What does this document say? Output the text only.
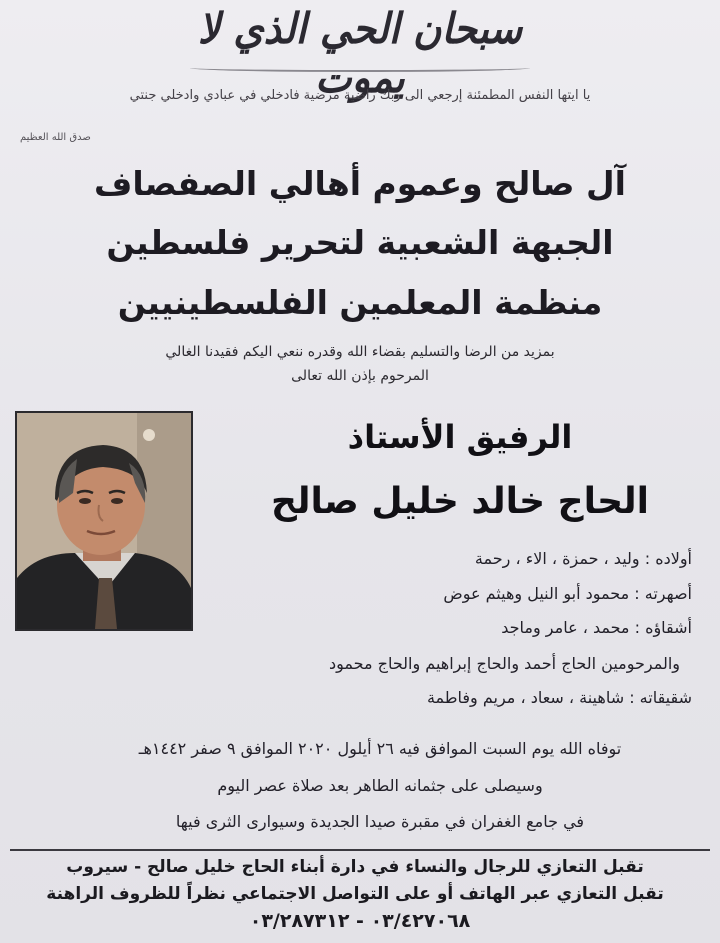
سبحان الحي الذي لا يموت
يا ايتها النفس المطمئنة إرجعي الى ربك راضية مرضية فادخلي في عبادي وادخلي جنتي
صدق الله العظيم
آل صالح وعموم أهالي الصفصاف
الجبهة الشعبية لتحرير فلسطين
منظمة المعلمين الفلسطينيين
بمزيد من الرضا والتسليم بقضاء الله وقدره ننعي اليكم فقيدنا الغالي
المرحوم بإذن الله تعالى
الرفيق الأستاذ
الحاج خالد خليل صالح
أولاده : وليد ، حمزة ، الاء ، رحمة
أصهرته : محمود أبو النيل وهيثم عوض
أشقاؤه : محمد ، عامر وماجد
والمرحومين الحاج أحمد والحاج إبراهيم والحاج محمود
شقيقاته : شاهينة ، سعاد ، مريم وفاطمة
توفاه الله يوم السبت الموافق فيه ٢٦ أيلول ٢٠٢٠ الموافق ٩ صفر ١٤٤٢هـ
وسيصلى على جثمانه الطاهر بعد صلاة عصر اليوم
في جامع الغفران في مقبرة صيدا الجديدة وسيوارى الثرى فيها
تقبل التعازي للرجال والنساء في دارة أبناء الحاج خليل صالح - سيروب
تقبل التعازي عبر الهاتف أو على التواصل الاجتماعي نظراً للظروف الراهنة
٠٣/٤٢٧٠٦٨ - ٠٣/٢٨٧٣١٢
